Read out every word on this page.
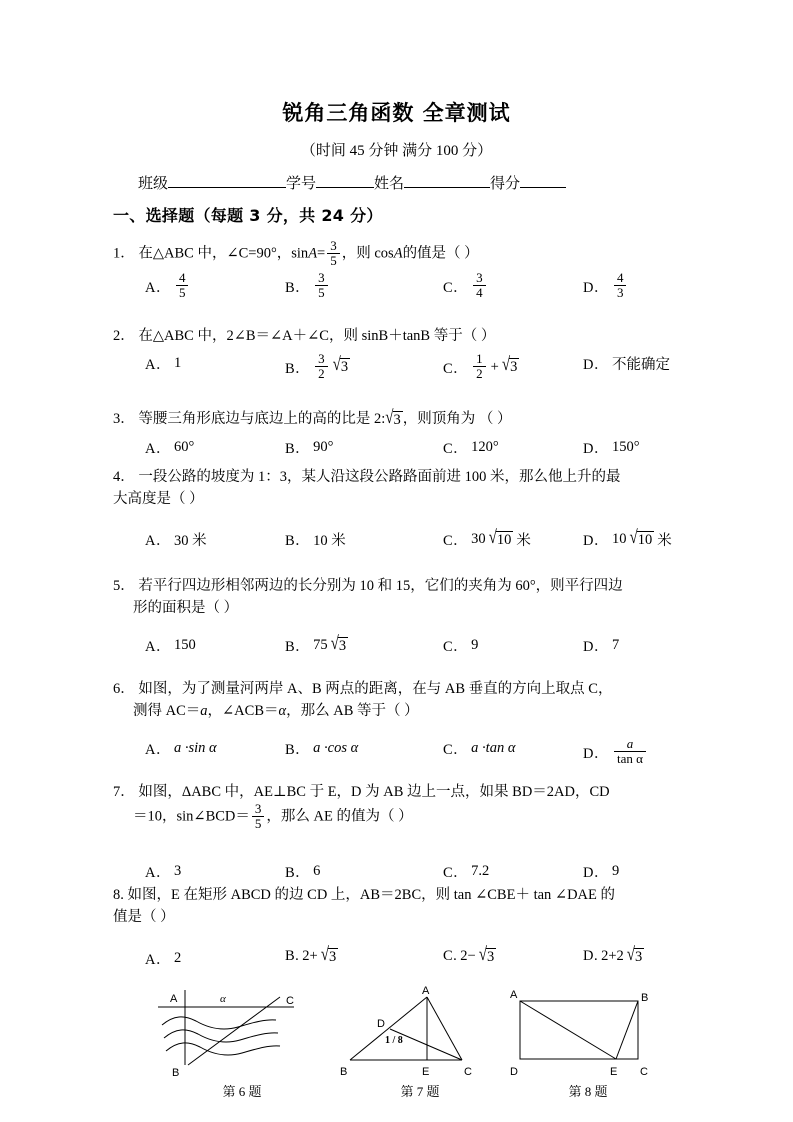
锐角三角函数 全章测试
（时间 45 分钟 满分 100 分）
班级	学号	姓名	得分
一、选择题（每题 3 分，共 24 分）
1． 在△ABC 中，∠C=90°，$\sin A= \frac{3}{5}$ ，则 cosA的值是（ ）
A． $\frac{4}{5}$	B． $\frac{3}{5}$	C． $\frac{3}{4}$	D． $\frac{4}{3}$
2． 在△ABC 中，2∠B＝∠A＋∠C，则 sinB＋tanB 等于（ ）
A． 1	B． $\frac{3}{2}$ √ 3	C． $\frac{1}{2}$ + √ 3	D． 不能确定
3． 等腰三角形底边与底边上的高的比是 2: √ 3 ，则顶角为 （ ）
A． 60°	B． 90°	C． 120°	D． 150°
4． 一段公路的坡度为 1：3，某人沿这段公路路面前进 100 米，那么他上升的最
大高度是（ ）
A． 30 米	B． 10 米	C． 30 √ 10 米	D． 10 √ 10 米
5． 若平行四边形相邻两边的长分别为 10 和 15，它们的夹角为 60°，则平行四边
形的面积是（ ）
A． 150	B． 75 √ 3	C． 9	D． 7
6． 如图，为了测量河两岸 A、B 两点的距离，在与 AB 垂直的方向上取点 C，
测得 AC＝a，∠ACB＝α，那么 AB 等于（ ）
A． a ·sin α	B． a ·cos α	C． a ·tan α	D． $\frac{a}{\text{tan α}}$
7． 如图，ΔABC 中，AE⊥BC 于 E，D 为 AB 边上一点，如果 BD＝2AD，CD
＝10，sin∠BCD＝ $\frac{3}{5}$ ，那么 AE 的值为（ ）
A． 3	B． 6	C． 7.2	D． 9
8. 如图，E 在矩形 ABCD 的边 CD 上，AB＝2BC，则 tan ∠CBE＋ tan ∠DAE 的
值是（ ）
A． 2	B. 2+ √ 3	C. 2− √ 3	D. 2+2 √ 3
A
B
C
α
第 6 题
A
B	C
D
E
1 / 8
第 7 题
A	B
D	C
E
第 8 题
